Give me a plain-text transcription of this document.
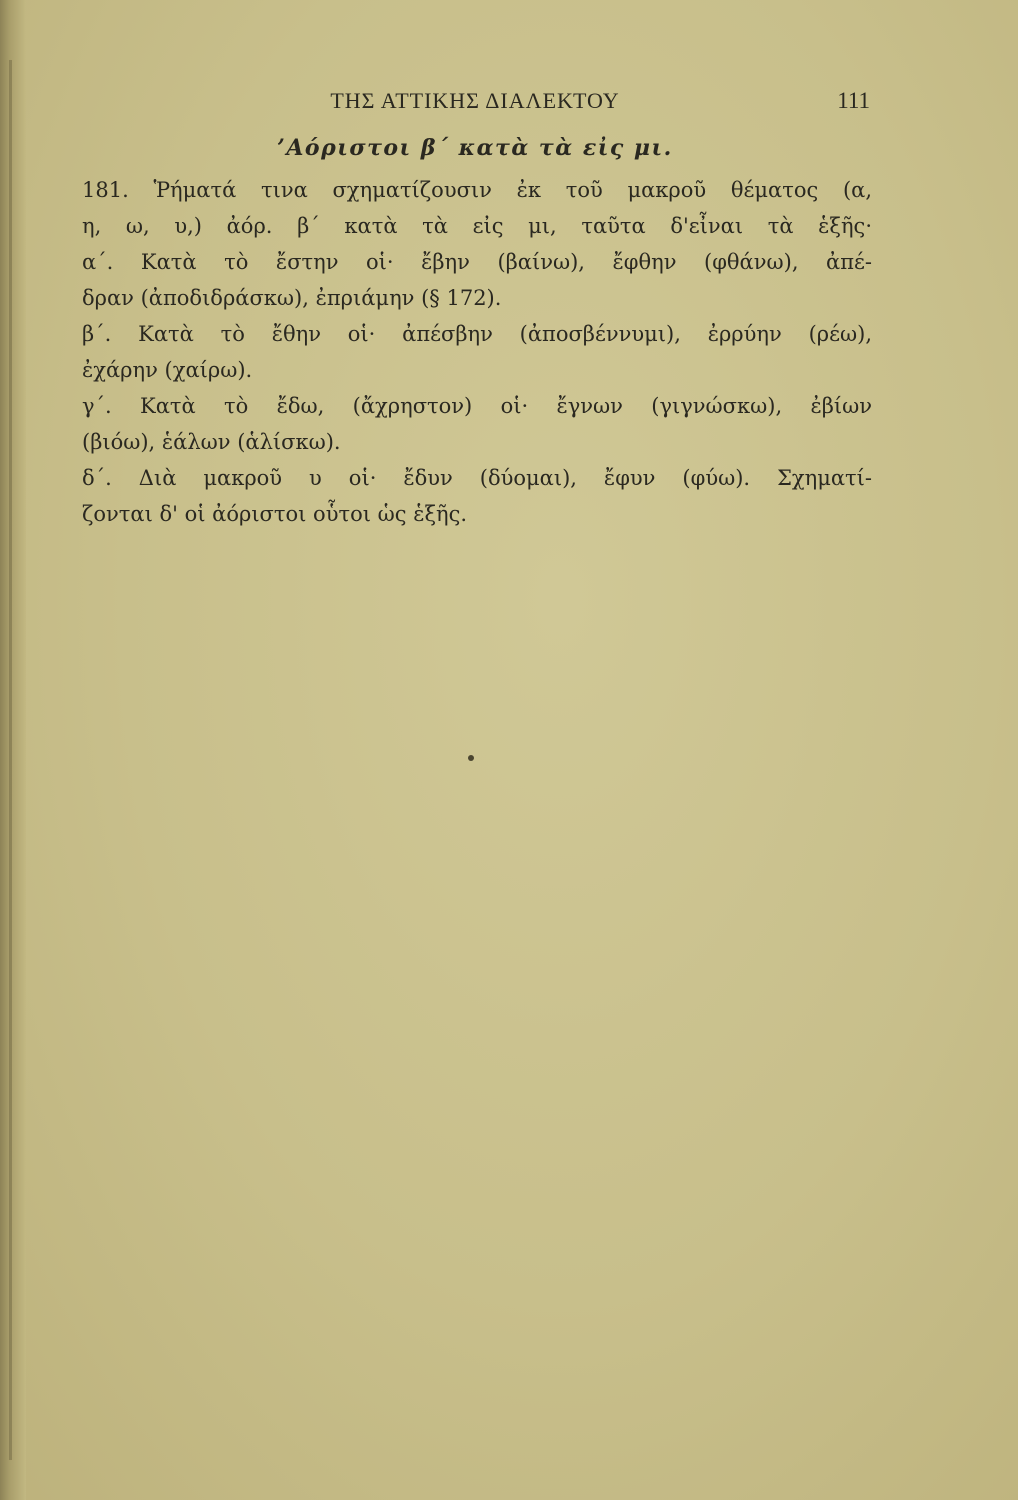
ΤΗΣ ΑΤΤΙΚΗΣ ΔΙΑΛΕΚΤΟΥ	111
’Αόριστοι β΄ κατὰ τὰ εἰς μι.
181. Ῥήματά τινα σχηματίζουσιν ἐκ τοῦ μακροῦ θέματος (α,
η, ω, υ,) ἀόρ. β΄ κατὰ τὰ εἰς μι, ταῦτα δ'εἶναι τὰ ἑξῆς·
α΄. Κατὰ τὸ ἔστην οἱ· ἔβην (βαίνω), ἔφθην (φθάνω), ἀπέ-
δραν (ἀποδιδράσκω), ἐπριάμην (§ 172).
β΄. Κατὰ τὸ ἔθην οἱ· ἀπέσβην (ἀποσβέννυμι), ἐρρύην (ρέω),
ἐχάρην (χαίρω).
γ΄. Κατὰ τὸ ἔδω, (ἄχρηστον) οἱ· ἔγνων (γιγνώσκω), ἐβίων
(βιόω), ἑάλων (ἁλίσκω).
δ΄. Διὰ μακροῦ υ οἱ· ἔδυν (δύομαι), ἔφυν (φύω). Σχηματί-
ζονται δ' οἱ ἀόριστοι οὗτοι ὡς ἑξῆς.
